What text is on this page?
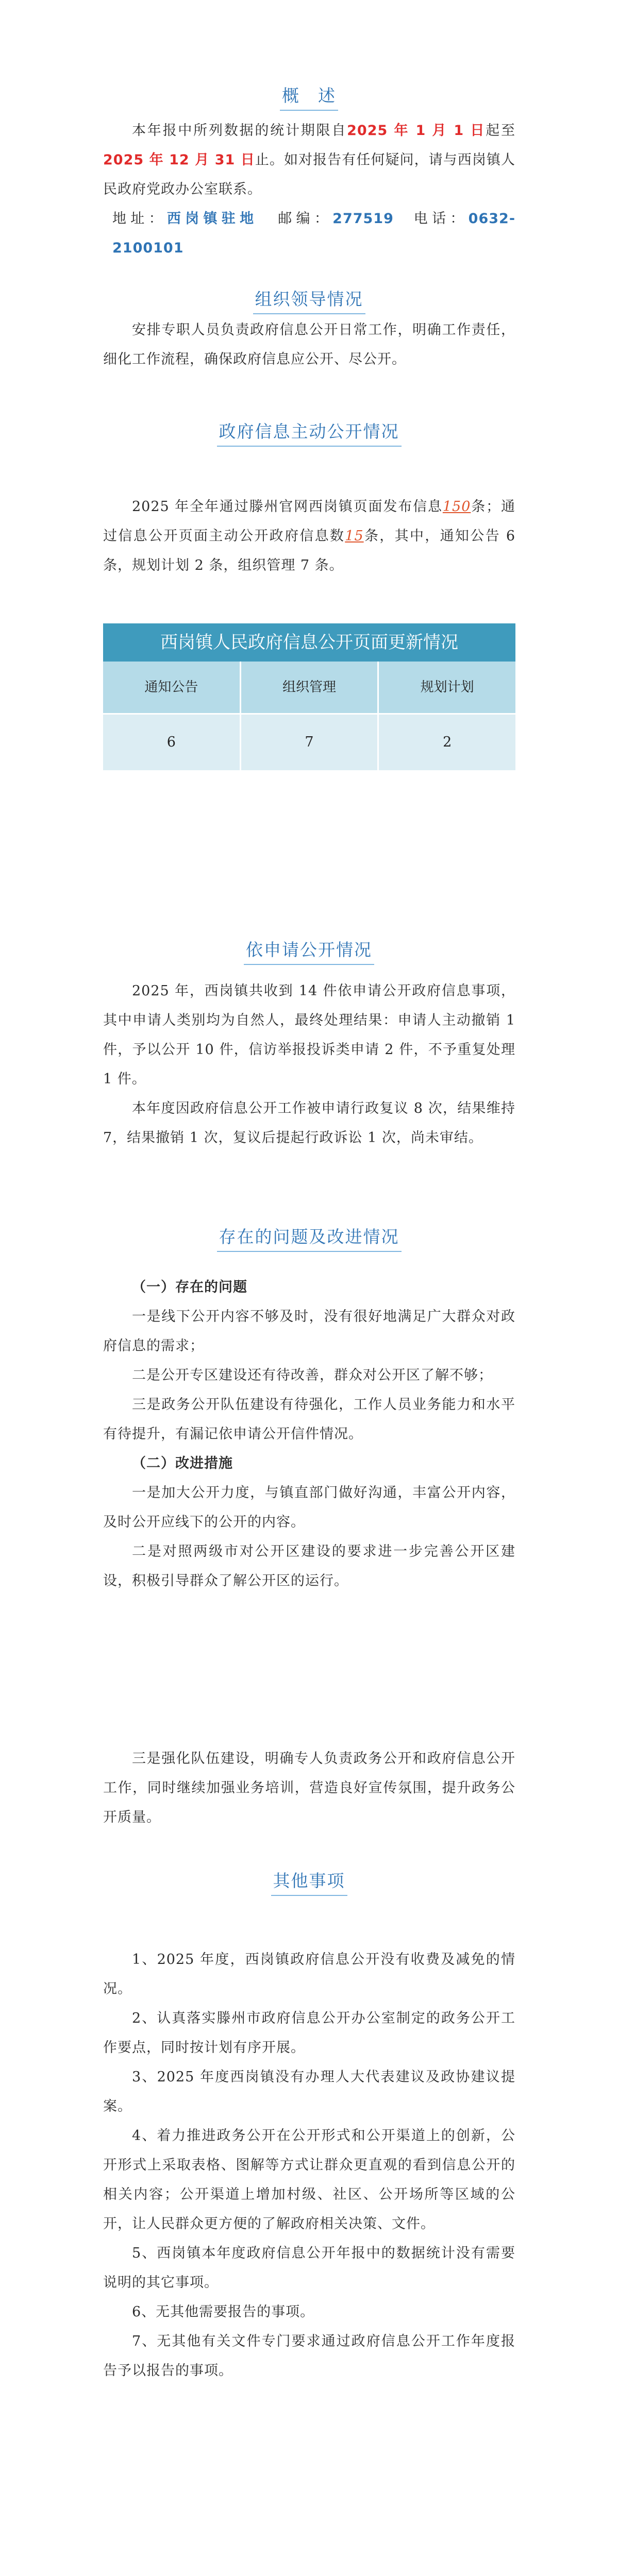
概　述

本年报中所列数据的统计期限自2025 年 1 月 1 日起至2025 年 12 月 31 日止。如对报告有任何疑问，请与西岗镇人民政府党政办公室联系。

地址：西岗镇驻地 邮编：277519 电话：0632-2100101
组织领导情况

安排专职人员负责政府信息公开日常工作，明确工作责任，细化工作流程，确保政府信息应公开、尽公开。

政府信息主动公开情况

2025 年全年通过滕州官网西岗镇页面发布信息150条；通过信息公开页面主动公开政府信息数15条，其中，通知公告 6 条，规划计划 2 条，组织管理 7 条。

西岗镇人民政府信息公开页面更新情况
通知公告	组织管理	规划计划
6	7	2
依申请公开情况

2025 年，西岗镇共收到 14 件依申请公开政府信息事项，其中申请人类别均为自然人，最终处理结果：申请人主动撤销 1 件，予以公开 10 件，信访举报投诉类申请 2 件，不予重复处理 1 件。

本年度因政府信息公开工作被申请行政复议 8 次，结果维持 7，结果撤销 1 次，复议后提起行政诉讼 1 次，尚未审结。

存在的问题及改进情况

（一）存在的问题

一是线下公开内容不够及时，没有很好地满足广大群众对政府信息的需求；

二是公开专区建设还有待改善，群众对公开区了解不够；

三是政务公开队伍建设有待强化，工作人员业务能力和水平有待提升，有漏记依申请公开信件情况。

（二）改进措施

一是加大公开力度，与镇直部门做好沟通，丰富公开内容，及时公开应线下的公开的内容。

二是对照两级市对公开区建设的要求进一步完善公开区建设，积极引导群众了解公开区的运行。

三是强化队伍建设，明确专人负责政务公开和政府信息公开工作，同时继续加强业务培训，营造良好宣传氛围，提升政务公开质量。

其他事项

1、2025 年度，西岗镇政府信息公开没有收费及减免的情况。

2、认真落实滕州市政府信息公开办公室制定的政务公开工作要点，同时按计划有序开展。

3、2025 年度西岗镇没有办理人大代表建议及政协建议提案。

4、着力推进政务公开在公开形式和公开渠道上的创新，公开形式上采取表格、图解等方式让群众更直观的看到信息公开的相关内容；公开渠道上增加村级、社区、公开场所等区域的公开，让人民群众更方便的了解政府相关决策、文件。

5、西岗镇本年度政府信息公开年报中的数据统计没有需要说明的其它事项。

6、无其他需要报告的事项。

7、无其他有关文件专门要求通过政府信息公开工作年度报告予以报告的事项。
